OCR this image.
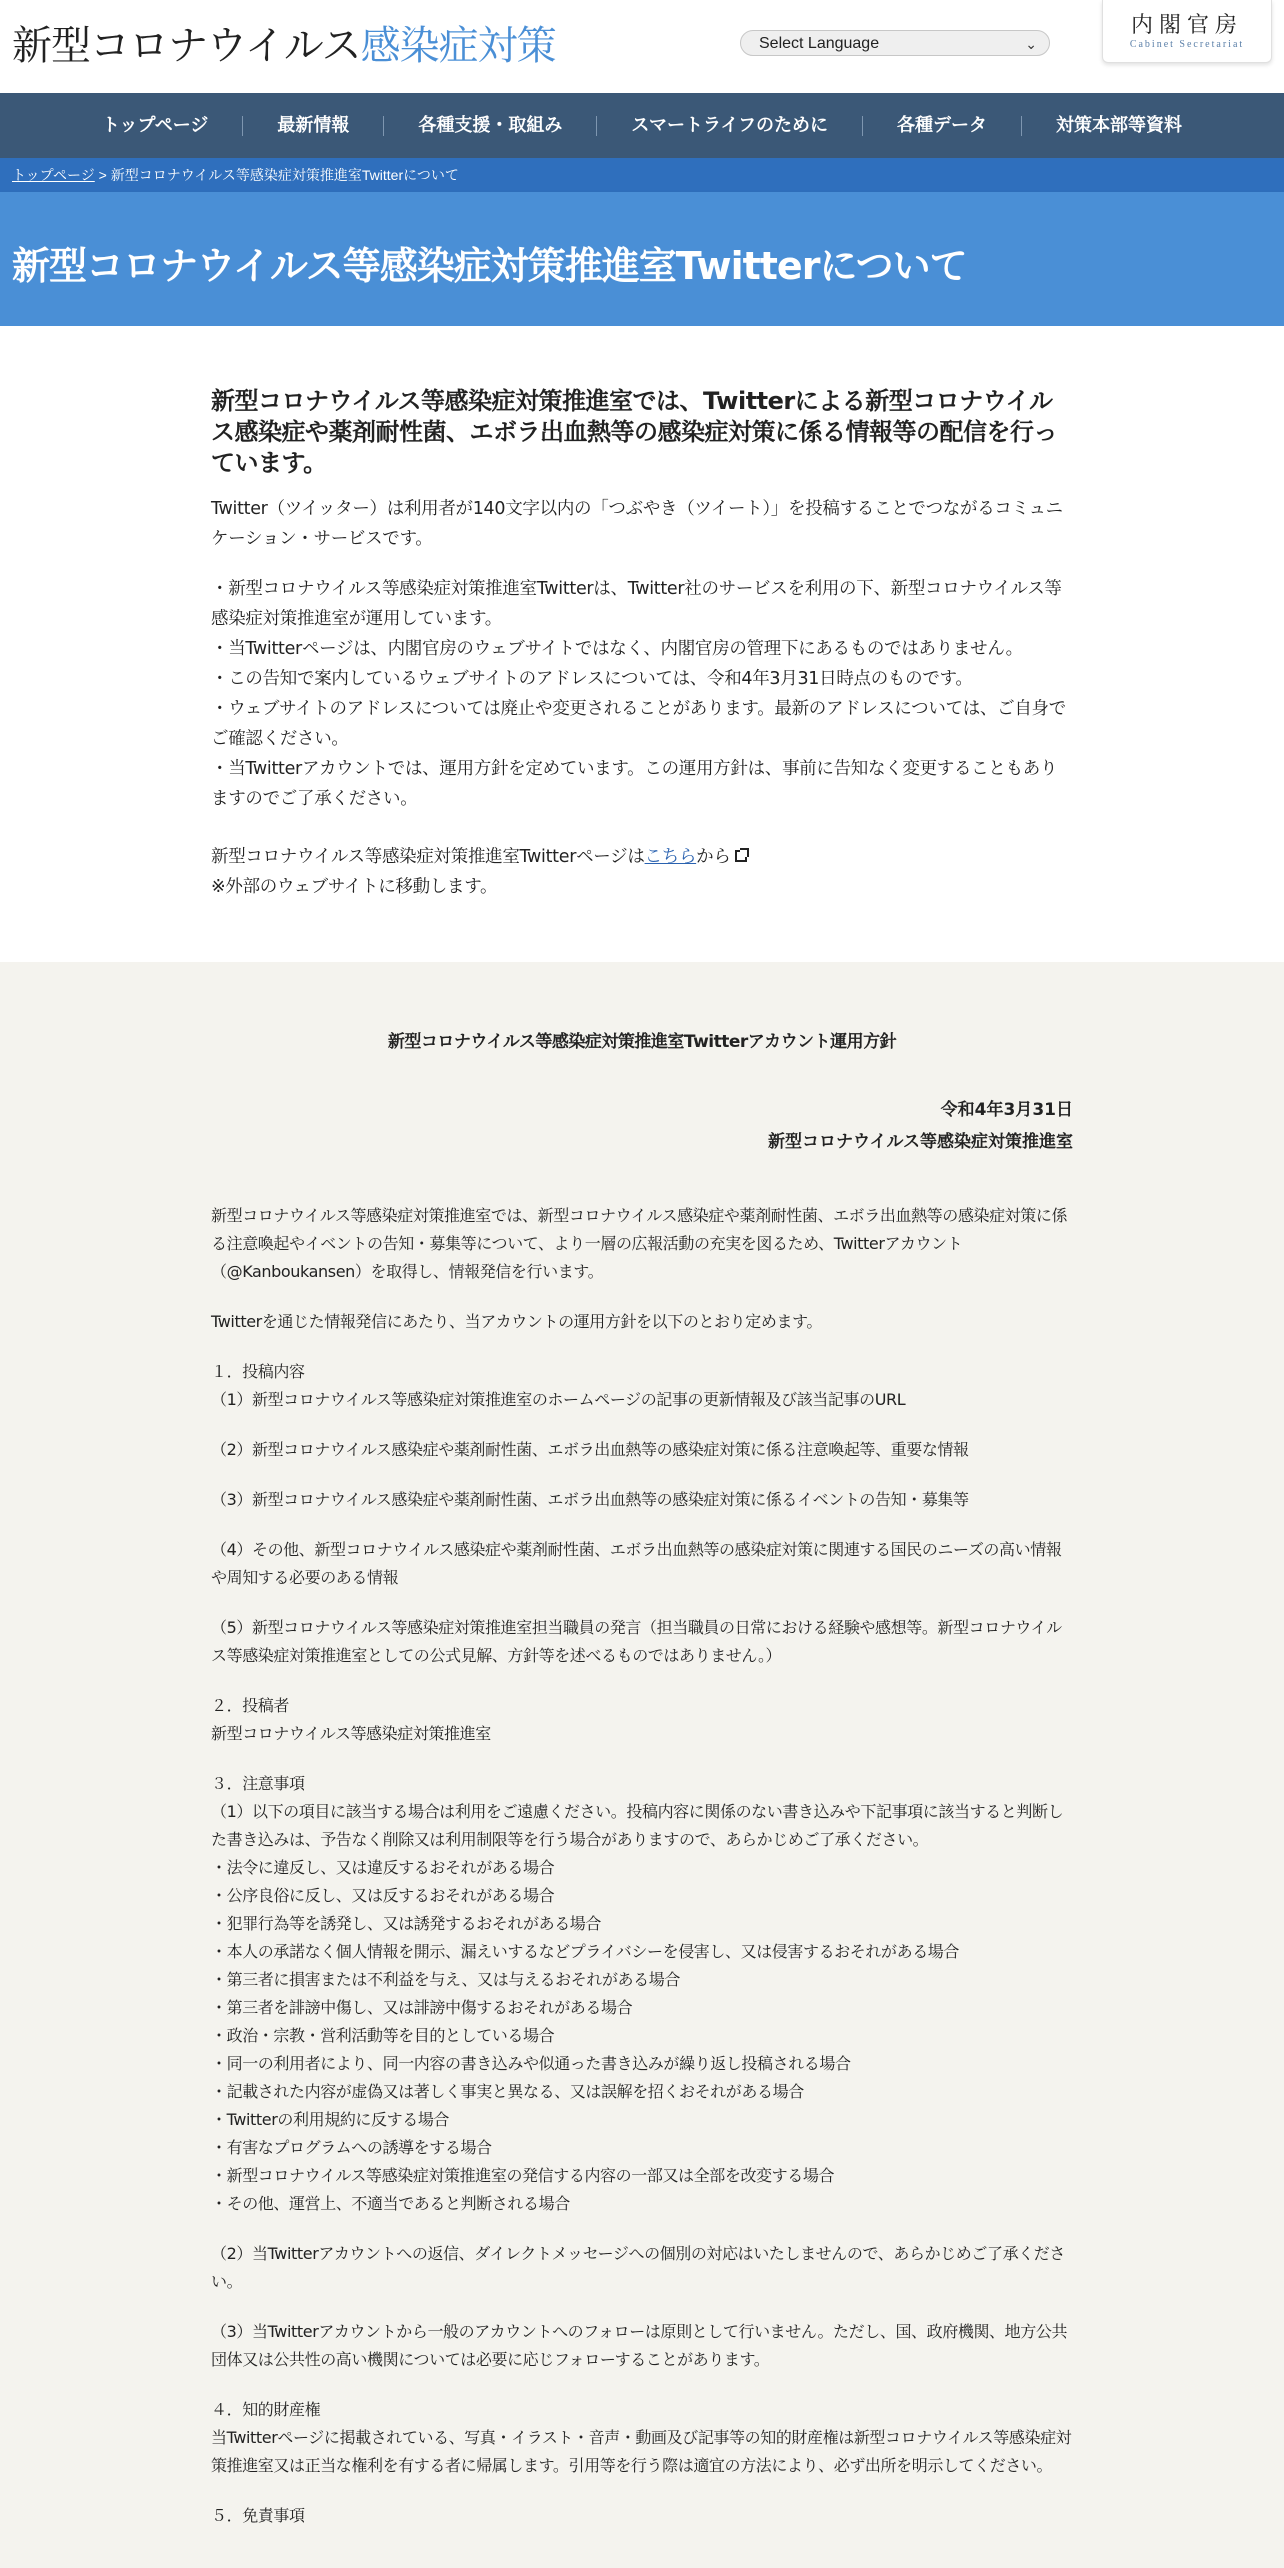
新型コロナウイルス感染症対策	Select Language	⌄
内閣官房
Cabinet Secretariat
トップページ	最新情報	各種支援・取組み	スマートライフのために	各種データ	対策本部等資料
トップページ > 新型コロナウイルス等感染症対策推進室Twitterについて
新型コロナウイルス等感染症対策推進室Twitterについて
新型コロナウイルス等感染症対策推進室では、Twitterによる新型コロナウイルス感染症や薬剤耐性菌、エボラ出血熱等の感染症対策に係る情報等の配信を行っています。

Twitter（ツイッター）は利用者が140文字以内の「つぶやき（ツイート）」を投稿することでつながるコミュニケーション・サービスです。

・新型コロナウイルス等感染症対策推進室Twitterは、Twitter社のサービスを利用の下、新型コロナウイルス等感染症対策推進室が運用しています。

・当Twitterページは、内閣官房のウェブサイトではなく、内閣官房の管理下にあるものではありません。

・この告知で案内しているウェブサイトのアドレスについては、令和4年3月31日時点のものです。

・ウェブサイトのアドレスについては廃止や変更されることがあります。最新のアドレスについては、ご自身でご確認ください。

・当Twitterアカウントでは、運用方針を定めています。この運用方針は、事前に告知なく変更することもありますのでご了承ください。

新型コロナウイルス等感染症対策推進室Twitterページはこちらから

※外部のウェブサイトに移動します。

新型コロナウイルス等感染症対策推進室Twitterアカウント運用方針
令和4年3月31日
新型コロナウイルス等感染症対策推進室

新型コロナウイルス等感染症対策推進室では、新型コロナウイルス感染症や薬剤耐性菌、エボラ出血熱等の感染症対策に係る注意喚起やイベントの告知・募集等について、より一層の広報活動の充実を図るため、Twitterアカウント（@Kanboukansen）を取得し、情報発信を行います。

Twitterを通じた情報発信にあたり、当アカウントの運用方針を以下のとおり定めます。

１．投稿内容

（1）新型コロナウイルス等感染症対策推進室のホームページの記事の更新情報及び該当記事のURL

（2）新型コロナウイルス感染症や薬剤耐性菌、エボラ出血熱等の感染症対策に係る注意喚起等、重要な情報

（3）新型コロナウイルス感染症や薬剤耐性菌、エボラ出血熱等の感染症対策に係るイベントの告知・募集等

（4）その他、新型コロナウイルス感染症や薬剤耐性菌、エボラ出血熱等の感染症対策に関連する国民のニーズの高い情報や周知する必要のある情報

（5）新型コロナウイルス等感染症対策推進室担当職員の発言（担当職員の日常における経験や感想等。新型コロナウイルス等感染症対策推進室としての公式見解、方針等を述べるものではありません。）

２．投稿者

新型コロナウイルス等感染症対策推進室

３．注意事項

（1）以下の項目に該当する場合は利用をご遠慮ください。投稿内容に関係のない書き込みや下記事項に該当すると判断した書き込みは、予告なく削除又は利用制限等を行う場合がありますので、あらかじめご了承ください。

・法令に違反し、又は違反するおそれがある場合

・公序良俗に反し、又は反するおそれがある場合

・犯罪行為等を誘発し、又は誘発するおそれがある場合

・本人の承諾なく個人情報を開示、漏えいするなどプライバシーを侵害し、又は侵害するおそれがある場合

・第三者に損害または不利益を与え、又は与えるおそれがある場合

・第三者を誹謗中傷し、又は誹謗中傷するおそれがある場合

・政治・宗教・営利活動等を目的としている場合

・同一の利用者により、同一内容の書き込みや似通った書き込みが繰り返し投稿される場合

・記載された内容が虚偽又は著しく事実と異なる、又は誤解を招くおそれがある場合

・Twitterの利用規約に反する場合

・有害なプログラムへの誘導をする場合

・新型コロナウイルス等感染症対策推進室の発信する内容の一部又は全部を改変する場合

・その他、運営上、不適当であると判断される場合

（2）当Twitterアカウントへの返信、ダイレクトメッセージへの個別の対応はいたしませんので、あらかじめご了承ください。

（3）当Twitterアカウントから一般のアカウントへのフォローは原則として行いません。ただし、国、政府機関、地方公共団体又は公共性の高い機関については必要に応じフォローすることがあります。

４．知的財産権

当Twitterページに掲載されている、写真・イラスト・音声・動画及び記事等の知的財産権は新型コロナウイルス等感染症対策推進室又は正当な権利を有する者に帰属します。引用等を行う際は適宜の方法により、必ず出所を明示してください。

５．免責事項
